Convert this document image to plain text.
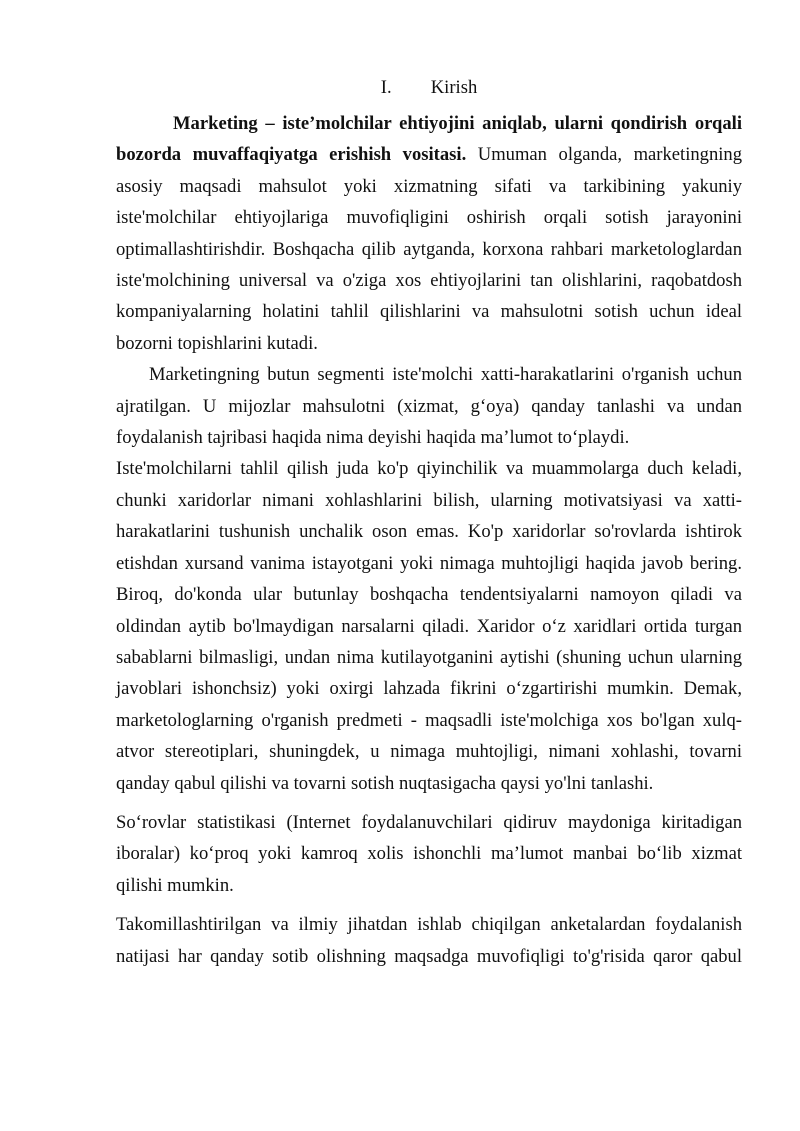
I. Kirish

Marketing – iste’molchilar ehtiyojini aniqlab, ularni qondirish orqali bozorda muvaffaqiyatga erishish vositasi. Umuman olganda, marketingning asosiy maqsadi mahsulot yoki xizmatning sifati va tarkibining yakuniy iste'molchilar ehtiyojlariga muvofiqligini oshirish orqali sotish jarayonini optimallashtirishdir. Boshqacha qilib aytganda, korxona rahbari marketologlardan iste'molchining universal va o'ziga xos ehtiyojlarini tan olishlarini, raqobatdosh kompaniyalarning holatini tahlil qilishlarini va mahsulotni sotish uchun ideal bozorni topishlarini kutadi.

Marketingning butun segmenti iste'molchi xatti-harakatlarini o'rganish uchun ajratilgan. U mijozlar mahsulotni (xizmat, g‘oya) qanday tanlashi va undan foydalanish tajribasi haqida nima deyishi haqida ma’lumot to‘playdi.

Iste'molchilarni tahlil qilish juda ko'p qiyinchilik va muammolarga duch keladi, chunki xaridorlar nimani xohlashlarini bilish, ularning motivatsiyasi va xatti-harakatlarini tushunish unchalik oson emas. Ko'p xaridorlar so'rovlarda ishtirok etishdan xursand vanima istayotgani yoki nimaga muhtojligi haqida javob bering. Biroq, do'konda ular butunlay boshqacha tendentsiyalarni namoyon qiladi va oldindan aytib bo'lmaydigan narsalarni qiladi. Xaridor o‘z xaridlari ortida turgan sabablarni bilmasligi, undan nima kutilayotganini aytishi (shuning uchun ularning javoblari ishonchsiz) yoki oxirgi lahzada fikrini o‘zgartirishi mumkin. Demak, marketologlarning o'rganish predmeti - maqsadli iste'molchiga xos bo'lgan xulq-atvor stereotiplari, shuningdek, u nimaga muhtojligi, nimani xohlashi, tovarni qanday qabul qilishi va tovarni sotish nuqtasigacha qaysi yo'lni tanlashi.

So‘rovlar statistikasi (Internet foydalanuvchilari qidiruv maydoniga kiritadigan iboralar) ko‘proq yoki kamroq xolis ishonchli ma’lumot manbai bo‘lib xizmat qilishi mumkin.

Takomillashtirilgan va ilmiy jihatdan ishlab chiqilgan anketalardan foydalanish natijasi har qanday sotib olishning maqsadga muvofiqligi to'g'risida qaror qabul
